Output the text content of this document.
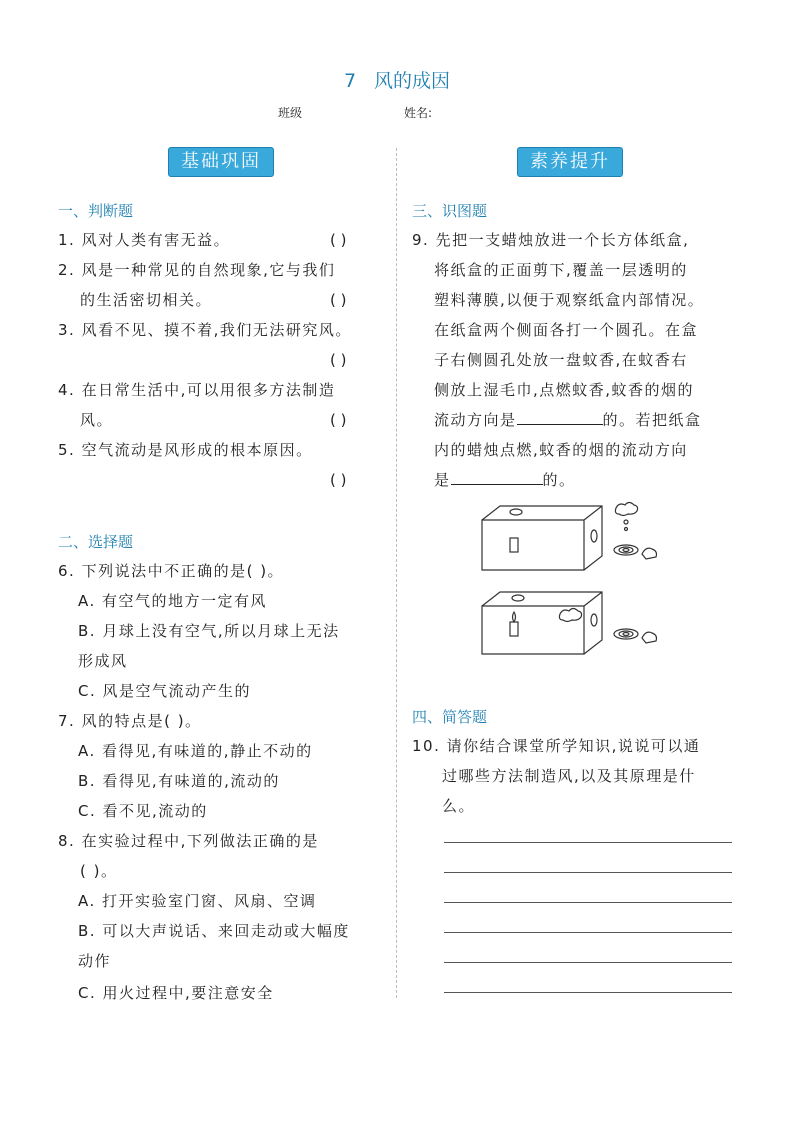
7 风的成因
班级	姓名:
基础巩固	素养提升
一、判断题
1. 风对人类有害无益。	( )
2. 风是一种常见的自然现象,它与我们
的生活密切相关。	( )
3. 风看不见、摸不着,我们无法研究风。
( )
4. 在日常生活中,可以用很多方法制造
风。	( )
5. 空气流动是风形成的根本原因。
( )
二、选择题
6. 下列说法中不正确的是( )。
A. 有空气的地方一定有风
B. 月球上没有空气,所以月球上无法
形成风
C. 风是空气流动产生的
7. 风的特点是( )。
A. 看得见,有味道的,静止不动的
B. 看得见,有味道的,流动的
C. 看不见,流动的
8. 在实验过程中,下列做法正确的是
( )。
A. 打开实验室门窗、风扇、空调
B. 可以大声说话、来回走动或大幅度
动作
C. 用火过程中,要注意安全
三、识图题
9. 先把一支蜡烛放进一个长方体纸盒,
将纸盒的正面剪下,覆盖一层透明的
塑料薄膜,以便于观察纸盒内部情况。
在纸盒两个侧面各打一个圆孔。在盒
子右侧圆孔处放一盘蚊香,在蚊香右
侧放上湿毛巾,点燃蚊香,蚊香的烟的
流动方向是	的。若把纸盒
内的蜡烛点燃,蚊香的烟的流动方向
是	的。
四、简答题
10. 请你结合课堂所学知识,说说可以通
过哪些方法制造风,以及其原理是什
么。
